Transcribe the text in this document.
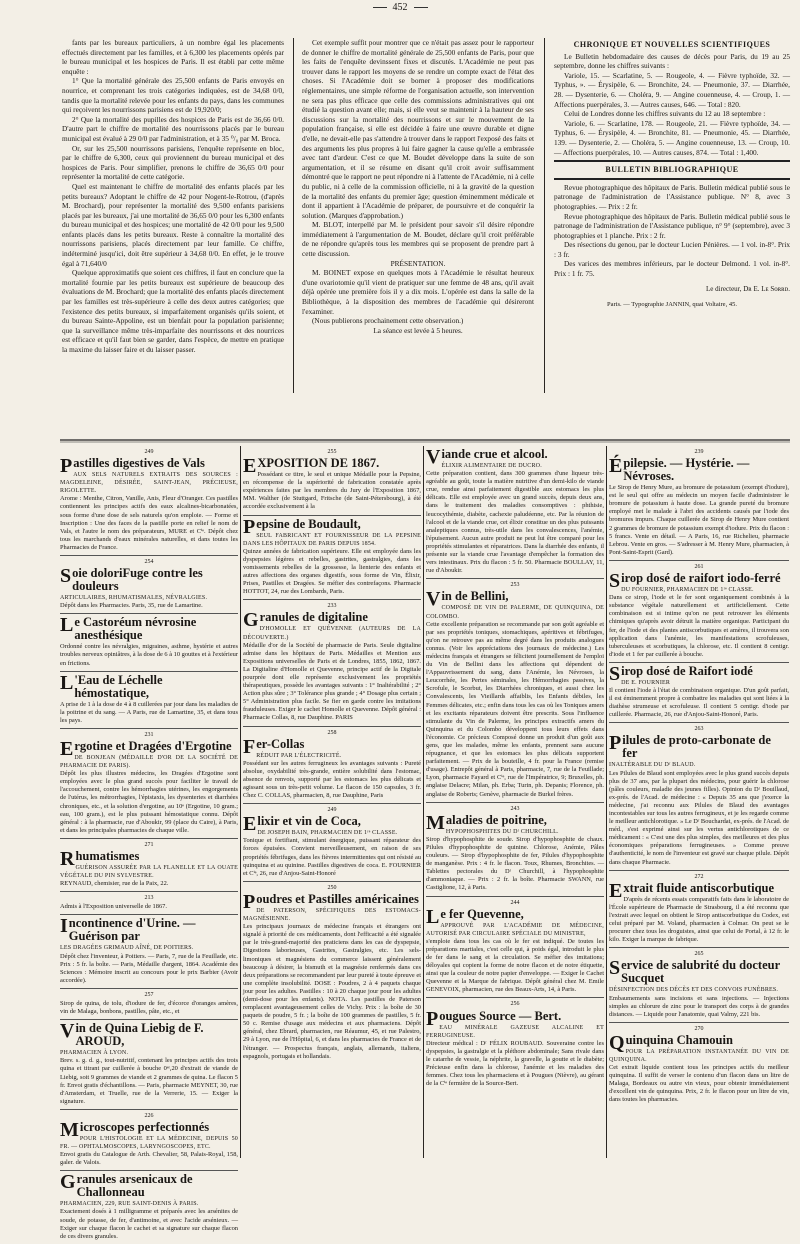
452

fants par les bureaux particuliers, à un nombre égal les placements effectués directement par les familles, et à 6,300 les placements opérés par le bureau municipal et les hospices de Paris. Il est établi par cette même enquête :

1° Que la mortalité générale des 25,500 enfants de Paris envoyés en nourrice, et comprenant les trois catégories indiquées, est de 34,68 0/0, tandis que la mortalité relevée pour les enfants du pays, dans les communes qui reçoivent les nourrissons parisiens est de 19,920/0;

2° Que la mortalité des pupilles des hospices de Paris est de 36,66 0/0. D'autre part le chiffre de mortalité des nourrissons placés par le bureau municipal est évalué à 29 0/0 par l'administration, et à 35 ⁰/₀ par M. Broca.

Or, sur les 25,500 nourrissons parisiens, l'enquête représente en bloc, par le chiffre de 6,300, ceux qui proviennent du bureau municipal et des hospices de Paris. Pour simplifier, prenons le chiffre de 36,65 0/0 pour représenter la mortalité de cette catégorie.

Quel est maintenant le chiffre de mortalité des enfants placés par les petits bureaux? Adoptant le chiffre de 42 pour Nogent-le-Rotrou, (d'après M. Brochard), pour représenter la mortalité des 9,500 enfants parisiens placés par les bureaux, j'ai une mortalité de 36,65 0/0 pour les 6,300 enfants du bureau municipal et des hospices; une mortalité de 42 0/0 pour les 9,500 enfants placés dans les petits bureaux. Reste à connaître la mortalité des nourrissons parisiens, placés directement par leur famille. Ce chiffre, indéterminé jusqu'ici, doit être supérieur à 34,68 0/0. En effet, je le trouve égal à 71,640/0

Quelque approximatifs que soient ces chiffres, il faut en conclure que la mortalité fournie par les petits bureaux est supérieure de beaucoup des évaluations de M. Brochard; que la mortalité des enfants placés directement par les familles est très-supérieure à celle des deux autres catégories; que l'existence des petits bureaux, si imparfaitement organisés qu'ils soient, et du bureau Sainte-Appoline, est un bienfait pour la population parisienne; que la surveillance même très-imparfaite des nourrissons et des nourrices est efficace et qu'il faut bien se garder, dans l'espèce, de mettre en pratique la maxime du laisser faire et du laisser passer.

Cet exemple suffit pour montrer que ce n'était pas assez pour le rapporteur de donner le chiffre de mortalité générale de 25,500 enfants de Paris, pour que les faits de l'enquête devinssent fixes et discutés. L'Académie ne peut pas trouver dans le rapport les moyens de se rendre un compte exact de l'état des choses. Si l'Académie doit se borner à proposer des modifications réglementaires, une simple réforme de l'organisation actuelle, son intervention ne sera pas plus efficace que celle des commissions administratives qui ont étudié la question avant elle; mais, si elle veut se maintenir à la hauteur de ses discussions sur la mortalité des nourrissons et sur le mouvement de la population française, si elle est décidée à faire une œuvre durable et digne d'elle, ne devait-elle pas s'attendre à trouver dans le rapport l'exposé des faits et des arguments les plus propres à lui faire gagner la cause qu'elle a embrassée avec tant d'ardeur. C'est ce que M. Boudet développe dans la suite de son argumentation, et il se résume en disant qu'il croit avoir suffisamment démontré que le rapport ne peut répondre ni à l'attente de l'Académie, ni à celle du public, ni à celle de la commission officielle, ni à la gravité de la question de la mortalité des enfants du premier âge; question éminemment médicale et dont il appartient à l'Académie de préparer, de poursuivre et de conquérir la solution. (Marques d'approbation.)

M. BLOT, interpellé par M. le président pour savoir s'il désire répondre immédiatement à l'argumentation de M. Boudet, déclare qu'il croit préférable de ne répondre qu'après tous les membres qui se proposent de prendre part à cette discussion.

PRÉSENTATION.

M. BOINET expose en quelques mots à l'Académie le résultat heureux d'une ovariotomie qu'il vient de pratiquer sur une femme de 48 ans, qu'il avait déjà opérée une première fois il y a dix mois. L'opérée est dans la salle de la Bibliothèque, à la disposition des membres de l'académie qui désireront l'examiner.

(Nous publierons prochainement cette observation.)

La séance est levée à 5 heures.

CHRONIQUE ET NOUVELLES SCIENTIFIQUES

Le Bulletin hebdomadaire des causes de décès pour Paris, du 19 au 25 septembre, donne les chiffres suivants :

Variole, 15. — Scarlatine, 5. — Rougeole, 4. — Fièvre typhoïde, 32. — Typhus, ». — Érysipèle, 6. — Bronchite, 24. — Pneumonie, 37. — Diarrhée, 28. — Dysenterie, 6. — Choléra, 9. — Angine couenneuse, 4. — Croup, 1. — Affections puerpérales, 3. — Autres causes, 646. — Total : 820.

Celui de Londres donne les chiffres suivants du 12 au 18 septembre :

Variole, 6. — Scarlatine, 178. — Rougeole, 21. — Fièvre typhoïde, 34. — Typhus, 6. — Érysipèle, 4. — Bronchite, 81. — Pneumonie, 45. — Diarrhée, 139. — Dysenterie, 2. — Choléra, 5. — Angine couenneuse, 13. — Croup, 10. — Affections puerpérales, 10. — Autres causes, 874. — Total : 1,400.

BULLETIN BIBLIOGRAPHIQUE

Revue photographique des hôpitaux de Paris. Bulletin médical publié sous le patronage de l'administration de l'Assistance publique. N° 8, avec 3 photographies. — Prix : 2 fr.

Revue photographique des hôpitaux de Paris. Bulletin médical publié sous le patronage de l'administration de l'Assistance publique, n° 9° (septembre), avec 3 photographies et 1 planche. Prix : 2 fr.

Des résections du genou, par le docteur Lucien Pénières. — 1 vol. in-8°. Prix : 3 fr.

Des varices des membres inférieurs, par le docteur Delmond. 1 vol. in-8°. Prix : 1 fr. 75.

Le directeur, Dʀ E. Lᴇ Sᴏʀʀᴅ.
Paris. — Typographie JANNIN, quai Voltaire, 45.
249
Pastilles digestives de Vals
AUX SELS NATURELS EXTRAITS DES SOURCES : MAGDELEINE, DÉSIRÉE, SAINT-JEAN, PRÉCIEUSE, RIGOLETTE.

Arome : Menthe, Citron, Vanille, Anis, Fleur d'Oranger. Ces pastilles contiennent les principes actifs des eaux alcalines-bicarbonatées, sous forme d'une dose de sels naturels qu'on emploie. — Forme et Inscription : Une des faces de la pastille porte en relief le nom de Vals, et l'autre le nom des préparateurs, MURE et Cⁱᵉ. Dépôt chez tous les marchands d'eaux minérales naturelles, et dans toutes les Pharmacies de France.

254
Soie doloriFuge contre les douleurs
ARTICULAIRES, RHUMATISMALES, NÉVRALGIES.

Dépôt dans les Pharmacies. Paris, 35, rue de Lamartine.

Le Castoréum névrosine anesthésique

Ordonné contre les névralgies, migraines, asthme, hystérie et autres troubles nerveux opiniâtres, à la dose de 6 à 10 gouttes et à l'extérieur en frictions.

L 'Eau de Léchelle hémostatique,

A prise de 1 à la dose de 4 à 8 cuillerées par jour dans les maladies de la poitrine et du sang. — A Paris, rue de Lamartine, 35, et dans tous les pays.

231
Ergotine et Dragées d'Ergotine
DE BONJEAN (MÉDAILLE D'OR DE LA SOCIÉTÉ DE PHARMACIE DE PARIS).

Dépôt les plus illustres médecins, les Dragées d'Ergotine sont employées avec le plus grand succès pour faciliter le travail de l'accouchement, contre les hémorrhagies utérines, les engorgements de l'utérus, les métrorrhagies, l'épistaxis, les dysenteries et diarrhées chroniques, etc., et la solution d'ergotine, au 10ᵉ (Ergotine, 10 gram.; eau, 100 gram.), est le plus puissant hémostatique connu. Dépôt général : à la pharmacie, rue d'Aboukir, 99 (place du Caire), à Paris, et dans les principales pharmacies de chaque ville.

271
Rhumatismes
GUÉRISON ASSURÉE PAR LA FLANELLE ET LA OUATE VÉGÉTALE DU PIN SYLVESTRE.

REYNAUD, chemisier, rue de la Paix, 22.

213

Admis à l'Exposition universelle de 1867.

Incontinence d'Urine. — Guérison par
LES DRAGÉES GRIMAUD AÎNÉ, DE POITIERS.

Dépôt chez l'inventeur, à Poitiers. — Paris, 7, rue de la Feuillade, etc. Prix : 5 fr. la boîte. — Paris, Médaille d'argent, 1864. Académie des Sciences : Mémoire inscrit au concours pour le prix Barbier (Avoir accordée).

257

Sirop de quina, de tolu, d'iodure de fer, d'écorce d'oranges amères, vin de Malaga, bonbons, pastilles, pâte, etc., et

Vin de Quina Liebig de F. AROUD,
PHARMACIEN À LYON.

Brev. s. g. d. g., tout-nutritif, contenant les principes actifs des trois quina et titrant par cuillerée à bouche 0ᵉʳ,20 d'extrait de viande de Liebig, soit 9 grammes de viande et 2 grammes de quina. Le flacon 5 fr. Envoi gratis d'échantillons. — Paris, pharmacie MEYNET, 30, rue d'Amsterdam, et Truelle, rue de la Verrerie, 15. — Exiger la signature.

226
Microscopes perfectionnés
POUR L'HISTOLOGIE ET LA MÉDECINE, DEPUIS 50 FR. — OPHTALMOSCOPES, LARYNGOSCOPES, ETC.

Envoi gratis du Catalogue de Arth. Chevalier, 58, Palais-Royal, 158, galer. de Valois.

Granules arsenicaux de Challonneau
PHARMACIEN, 229, RUE SAINT-DENIS À PARIS.

Exactement dosés à 1 milligramme et préparés avec les arsénites de soude, de potasse, de fer, d'antimoine, et avec l'acide arsénieux. — Exiger sur chaque flacon le cachet et sa signature sur chaque flacon de ces divers granules.

255
EXPOSITION DE 1867.

Possédant ce titre, le seul et unique Médaille pour la Pepsine, en récompense de la supériorité de fabrication constatée après expériences faites par les membres du Jury de l'Exposition 1867, MM. Walther (de Stuttgard, Fritsche (de Saint-Pétersbourg), à été accordée exclusivement à la

Pepsine de Boudault,
SEUL FABRICANT ET FOURNISSEUR DE LA PEPSINE DANS LES HÔPITAUX DE PARIS DEPUIS 1854.

Quinze années de fabrication supérieure. Elle est employée dans les dyspepsies légères et rebelles, gastrites, gastralgies, dans les vomissements rebelles de la grossesse, la lienterie des enfants et autres affections des organes digestifs, sous forme de Vin, Élixir, Prises, Pastilles et Dragées. Se méfier des contrefaçons. Pharmacie HOTTOT, 24, rue des Lombards, Paris.

233
Granules de digitaline
D'HOMOLLE ET QUÉVENNE (AUTEURS DE LA DÉCOUVERTE.)

Médaille d'or de la Société de pharmacie de Paris. Seule digitaline admise dans les hôpitaux de Paris. Médailles et Mention aux Expositions universelles de Paris et de Londres, 1855, 1862, 1867. La Digitaline d'Homolle et Quevenne, principe actif de la Digitale pourprée dont elle représente exclusivement les propriétés thérapeutiques, possède les avantages suivants : 1° Inaltérabilité ; 2° Action plus sûre ; 3° Tolérance plus grande ; 4° Dosage plus certain ; 5° Administration plus facile. Se fier en garde contre les imitations frauduleuses. Exiger le cachet Homolle et Quevenne. Dépôt général : Pharmacie Collas, 8, rue Dauphine. PARIS

258
Fer-Collas
RÉDUIT PAR L'ÉLECTRICITÉ.

Possédant sur les autres ferrugineux les avantages suivants : Pureté absolue, oxydabilité très-grande, entière solubilité dans l'estomac, absence de renvois, supporté par les estomacs les plus délicats et agissant sous un très-petit volume. Le flacon de 150 capsules, 3 fr. Chez C. COLLAS, pharmacien, 8, rue Dauphine, Paris

249
Elixir et vin de Coca,
DE JOSEPH BAIN, PHARMACIEN DE 1ʳᵉ CLASSE.

Tonique et fortifiant, stimulant énergique, puissant réparateur des forces épuisées. Convient merveilleusement, en raison de ses propriétés fébrifuges, dans les fièvres intermittentes qui ont résisté au quinquina et au quinine. Pastilles digestives de coca. E. FOURNIER et Cⁱᵉ, 26, rue d'Anjou-Saint-Honoré

250
Poudres et Pastilles américaines
DE PATERSON, SPÉCIFIQUES DES ESTOMACS-MAGNÉSIENNE.

Les principaux journaux de médecine français et étrangers ont signalé à priorité de ces médicaments, dont l'efficacité a été signalée par le très-grand-majorité des praticiens dans les cas de dyspepsie, Digestions laborieuses, Gastrites, Gastralgies, etc. Les sels-limoniques et magnésiens du commerce laissent généralement beaucoup à désirer, la bismuth et la magnésie renfermés dans ces deux préparations se recommandent par leur pureté à toute épreuve et une complète insolubilité. DOSE : Poudres, 2 à 4 paquets chaque jour pour les adultes. Pastilles : 10 à 20 chaque jour pour les adultes (demi-dose pour les enfants). NOTA. Les pastilles de Paterson remplacent avantageusement celles de Vichy. Prix : la boîte de 30 paquets de poudre, 5 fr. ; la boîte de 100 grammes de pastilles, 5 fr. 50 c. Remise d'usage aux médecins et aux pharmaciens. Dépôt général, chez Ebrard, pharmacien, rue Réaumur, 45, et rue Palestro, 29 à Lyon, rue de l'Hôpital, 6, et dans les pharmacies de France et de l'étranger. — Prospectus français, anglais, allemands, italiens, espagnols, portugais et hollandais.

Viande crue et alcool.
ÉLIXIR ALIMENTAIRE DE DUCRO.

Cette préparation contient, dans 300 grammes d'une liqueur très-agréable au goût, toute la matière nutritive d'un demi-kilo de viande crue, rendue ainsi parfaitement digestible aux estomacs les plus délicats. Elle est employée avec un grand succès, depuis deux ans, dans le traitement des maladies consomptives : phthisie, leucocythémie, diabète, cachexie paludéenne, etc. Par la réunion de l'alcool et de la viande crue, cet élixir constitue un des plus puissants analeptiques connus, très-utile dans les convalescences, l'anémie, l'épuisement. Aucun autre produit ne peut lui être comparé pour les propriétés stimulantes et réparatrices. Dans la diarrhée des enfants, il présente sur la viande crue l'avantage d'empêcher la formation des vers intestinaux. Prix du flacon : 5 fr. 50. Pharmacie BOULLAY, 11, rue d'Aboukir.

253
Vin de Bellini,
COMPOSÉ DE VIN DE PALERME, DE QUINQUINA, DE COLOMBO.

Cette excellente préparation se recommande par son goût agréable et par ses propriétés toniques, stomachiques, apéritives et fébrifuges, qu'on ne retrouve pas au même degré dans les produits analogues connus. (Voir les appréciations des journaux de médecine.) Les médecins français et étrangers se félicitent journellement de l'emploi du Vin de Bellini dans les affections qui dépendent de l'Appauvrissement du sang, dans l'Anémie, les Névroses, la Leucorrhée, les Pertes séminales, les Hémorrhagies passives, la Scrofule, le Scorbut, les Diarrhées chroniques, et aussi chez les Convalescents, les Vieillards affaiblis, les Enfants débiles, les Femmes délicates, etc.; enfin dans tous les cas où les Toniques amers et les excitants réparateurs doivent être prescrits. Sous l'influence stimulante du Vin de Palerme, les principes extractifs amers du Quinquina et du Colombo développent tous leurs effets dans l'économie. Ce précieux Composé donne un produit d'un goût aux gens, que les malades, même les enfants, prennent sans aucune répugnance, et que les estomacs les plus délicats supportent parfaitement. — Prix de la bouteille, 4 fr. pour la France (remise d'usage). Entrepôt général à Paris, pharmacie, 7, rue de la Feuillade; Lyon, pharmacie Fayard et Cⁱᵉ, rue de l'Impératrice, 9; Bruxelles, ph. anglaise Delacre; Milan, ph. Erba; Turin, ph. Depanis; Florence, ph. anglaise de Roberts; Genève, pharmacie de Burkel frères.

243
Maladies de poitrine,
HYPOPHOSPHITES DU Dʳ CHURCHILL.

Sirop d'hypophosphite de soude. Sirop d'hypophosphite de chaux. Pilules d'hypophosphite de quinine. Chlorose, Anémie, Pâles couleurs. — Sirop d'hypophosphite de fer, Pilules d'hypophosphite de manganèse. Prix : 4 fr. le flacon. Toux, Rhumes, Bronchites. — Tablettes pectorales du Dʳ Churchill, à l'hypophosphite d'ammoniaque. — Prix : 2 fr. la boîte. Pharmacie SWANN, rue Castiglione, 12, à Paris.

244
Le fer Quevenne,
APPROUVÉ PAR L'ACADÉMIE DE MÉDECINE, AUTORISÉ PAR CIRCULAIRE SPÉCIALE DU MINISTRE,

s'emploie dans tous les cas où le fer est indiqué. De toutes les préparations martiales, c'est celle qui, à poids égal, introduit le plus de fer dans le sang et la circulation. Se méfier des imitations; déloyales qui copient la forme de notre flacon et de notre étiquette, ainsi que la couleur de notre papier d'enveloppe. — Exiger le Cachet Quevenne et la Marque de fabrique. Dépôt général chez M. Emile GENEVOIX, pharmacien, rue des Beaux-Arts, 14, à Paris.

256
Pougues Source — Bert.
EAU MINÉRALE GAZEUSE ALCALINE ET FERRUGINEUSE.

Directeur médical : Dʳ FÉLIX ROUBAUD. Souveraine contre les dyspepsies, la gastralgie et la pléthore abdominale; Sans rivale dans le catarrhe de vessie, la néphrite, la gravelle, la goutte et le diabète; Précieuse enfin dans la chlorose, l'anémie et les maladies des femmes. Chez tous les pharmaciens et à Pougues (Nièvre), au gérant de la Cⁱᵉ fermière de la Source-Bert.

239
Épilepsie. — Hystérie. — Névroses.

Le Sirop de Henry Mure, au bromure de potassium (exempt d'iodure), est le seul qui offre au médecin un moyen facile d'administrer le bromure de potassium à haute dose. La grande pureté du bromure employé met le malade à l'abri des accidents causés par l'iode des bromures impurs. Chaque cuillerée de Sirop de Henry Mure contient 2 grammes de bromure de potassium exempt d'iodure. Prix du flacon : 5 francs. Vente en détail. — A Paris, 16, rue Richelieu, pharmacie Lebrou. Vente en gros. — S'adresser à M. Henry Mure, pharmacien, à Pont-Saint-Esprit (Gard).

261
Sirop dosé de raifort iodo-ferré
DU FOURNIER, PHARMACIEN DE 1ʳᵉ CLASSE.

Dans ce sirop, l'iode et le fer sont organiquement combinés à la substance végétale naturellement et artificiellement. Cette combinaison est si intime qu'on ne peut retrouver les éléments chimiques qu'après avoir détruit la matière organique. Participant du fer, de l'iode et des plantes antiscorbutiques et amères, il trouvera son application dans l'anémie, les manifestations scrofuleuses, tuberculeuses et scorbutiques, la chlorose, etc. Il contient 8 centigr. d'iode et 1 fer par cuillerée à bouche.

Sirop dosé de Raifort iodé
DE E. FOURNIER

Il contient l'iode à l'état de combinaison organique. D'un goût parfait, il est éminemment propre à combattre les maladies qui sont liées à la diathèse strumeuse et scrofuleuse. Il contient 5 centigr. d'iode par cuillerée. Pharmacie, 26, rue d'Anjou-Saint-Honoré, Paris.

263
Pilules de proto-carbonate de fer
INALTÉRABLE DU Dʳ BLAUD.

Les Pilules de Blaud sont employées avec le plus grand succès depuis plus de 37 ans, par la plupart des médecins, pour guérir la chlorose (pâles couleurs, maladie des jeunes filles). Opinion du Dʳ Bouillaud, ex-prés. de l'Acad. de médecine : « Depuis 35 ans que j'exerce la médecine, j'ai reconnu aux Pilules de Blaud des avantages incontestables sur tous les autres ferrugineux, et je les regarde comme le meilleur antichlorotique. » Le Dʳ Bouchardat, ex-prés. de l'Acad. de méd., s'est exprimé ainsi sur les vertus antichlorotiques de ce médicament : « C'est une des plus simples, des meilleures et des plus économiques préparations ferrugineuses. » Comme preuve d'authenticité, le nom de l'inventeur est gravé sur chaque pilule. Dépôt dans chaque Pharmacie.

272
Extrait fluide antiscorbutique

D'après de récents essais comparatifs faits dans le laboratoire de l'École supérieure de Pharmacie de Strasbourg, il a été reconnu que l'extrait avec lequel on obtient le Sirop antiscorbutique du Codex, est celui préparé par M. Voland, pharmacien à Colmar. On peut se le procurer chez tous les droguistes, ainsi que celui de Portal, à 12 fr. le kilo. Exiger la marque de fabrique.

265
Service de salubrité du docteur Sucquet
DÉSINFECTION DES DÉCÈS ET DES CONVOIS FUNÈBRES.

Embaumements sans incisions et sans injections. — Injections simples au chlorure de zinc pour le transport des corps à de grandes distances. — Liquide pour l'anatomie, quai Valmy, 221 bis.

270
Quinquina Chamouin
POUR LA PRÉPARATION INSTANTANÉE DU VIN DE QUINQUINA.

Cet extrait liquide contient tous les principes actifs du meilleur quinquina. Il suffit de verser le contenu d'un flacon dans un litre de Malaga, Bordeaux ou autre vin vieux, pour obtenir immédiatement d'excellent vin de quinquina. Prix, 2 fr. le flacon pour un litre de vin, dans toutes les pharmacies.
